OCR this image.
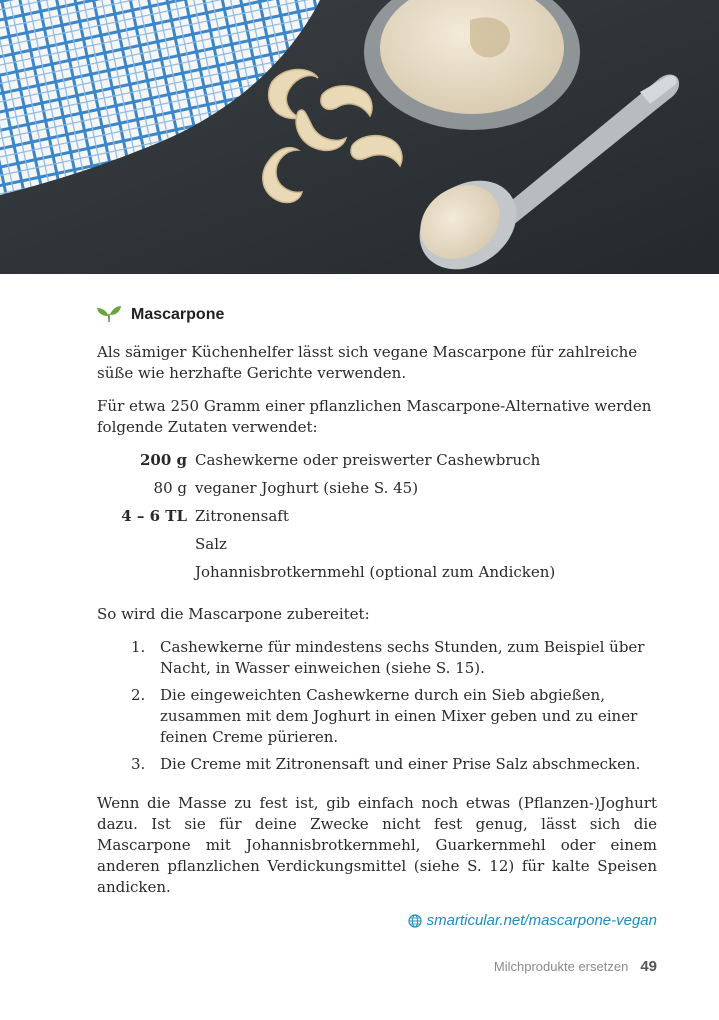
Mascarpone

Als sämiger Küchenhelfer lässt sich vegane Mascarpone für zahlreiche süße wie herzhafte Gerichte verwenden.

Für etwa 250 Gramm einer pflanzlichen Mascarpone-Alternative werden folgende Zutaten verwendet:

200 g Cashewkerne oder preiswerter Cashewbruch
80 g veganer Joghurt (siehe S. 45)
4 – 6 TL Zitronensaft
Salz
Johannisbrotkernmehl (optional zum Andicken)

So wird die Mascarpone zubereitet:

1. Cashewkerne für mindestens sechs Stunden, zum Beispiel über Nacht, in Wasser einweichen (siehe S. 15).
2. Die eingeweichten Cashewkerne durch ein Sieb abgießen, zusammen mit dem Joghurt in einen Mixer geben und zu einer feinen Creme pürieren.
3. Die Creme mit Zitronensaft und einer Prise Salz abschmecken.

Wenn die Masse zu fest ist, gib einfach noch etwas (Pflanzen-)Joghurt dazu. Ist sie für deine Zwecke nicht fest genug, lässt sich die Mascarpone mit Johannisbrotkernmehl, Guarkernmehl oder einem anderen pflanzlichen Verdickungsmittel (siehe S. 12) für kalte Speisen andicken.

smarticular.net/mascarpone-vegan
Milchprodukte ersetzen 49
